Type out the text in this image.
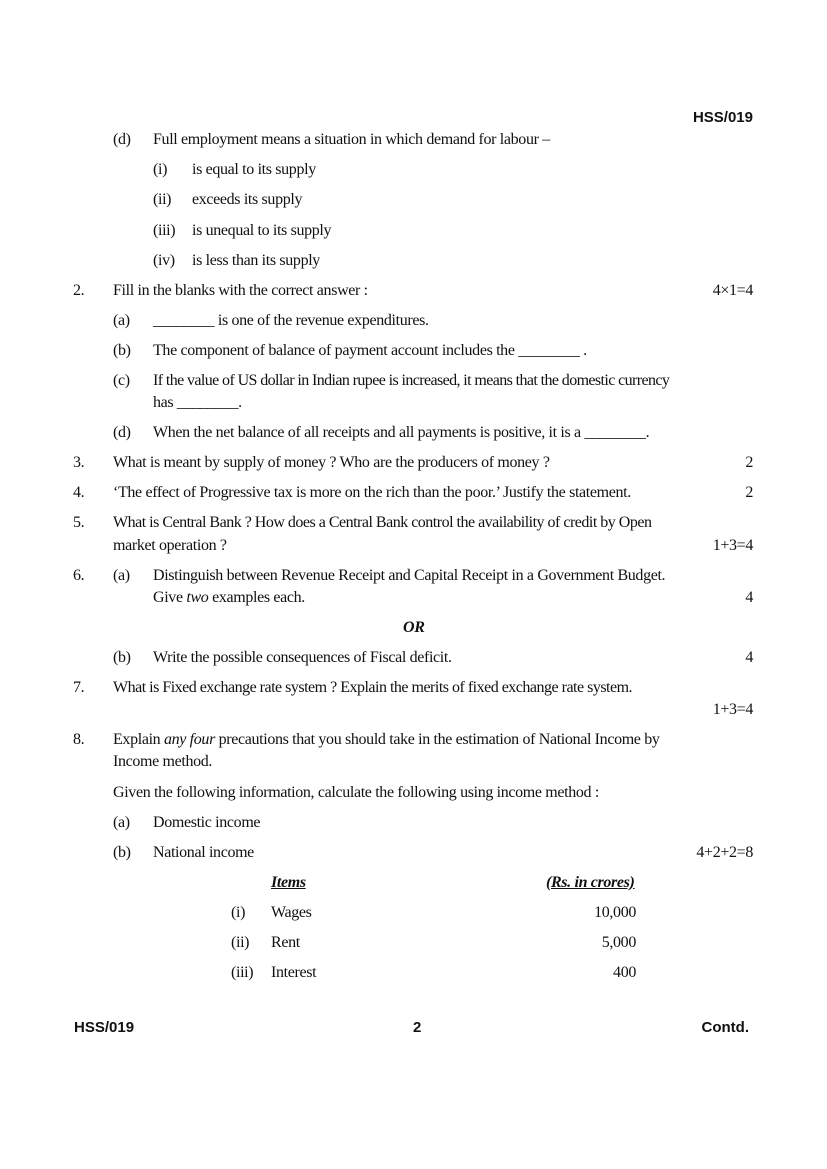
HSS/019
(d) Full employment means a situation in which demand for labour –
(i) is equal to its supply
(ii) exceeds its supply
(iii) is unequal to its supply
(iv) is less than its supply
2. Fill in the blanks with the correct answer :	4×1=4
(a) ________ is one of the revenue expenditures.
(b) The component of balance of payment account includes the ________ .
(c) If the value of US dollar in Indian rupee is increased, it means that the domestic currency
has ________.
(d) When the net balance of all receipts and all payments is positive, it is a ________.
3. What is meant by supply of money ? Who are the producers of money ?	2
4. ‘The effect of Progressive tax is more on the rich than the poor.’ Justify the statement.	2
5. What is Central Bank ? How does a Central Bank control the availability of credit by Open
market operation ?	1+3=4
6. (a) Distinguish between Revenue Receipt and Capital Receipt in a Government Budget.
Give two examples each.	4
OR
(b) Write the possible consequences of Fiscal deficit.	4
7. What is Fixed exchange rate system ? Explain the merits of fixed exchange rate system.
1+3=4
8. Explain any four precautions that you should take in the estimation of National Income by
Income method.
Given the following information, calculate the following using income method :
(a) Domestic income
(b) National income	4+2+2=8
Items	(Rs. in crores)
(i) Wages	10,000
(ii) Rent	5,000
(iii) Interest	400
HSS/019	2	Contd.
